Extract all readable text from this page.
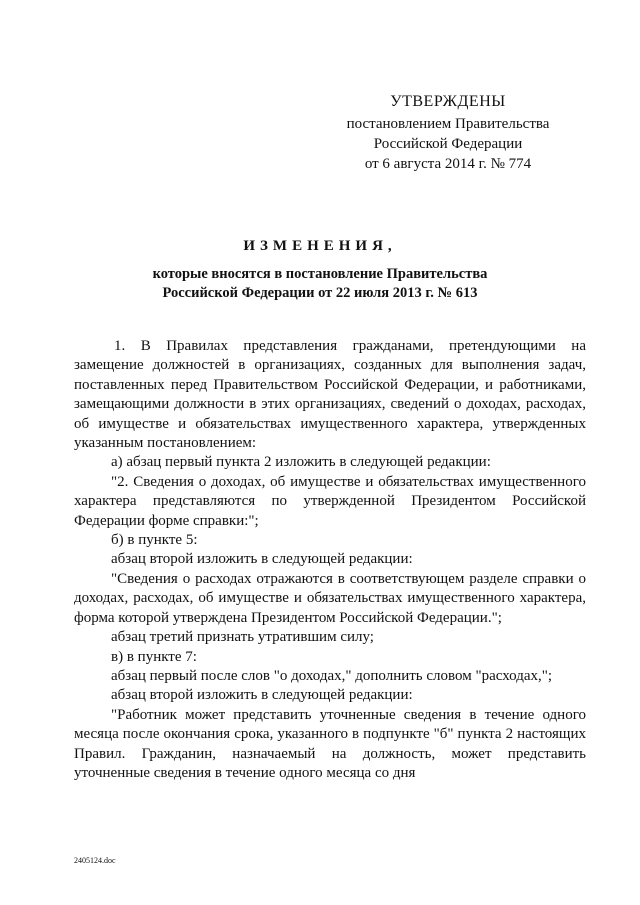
УТВЕРЖДЕНЫ
постановлением Правительства
Российской Федерации
от 6 августа 2014 г. № 774
ИЗМЕНЕНИЯ,
которые вносятся в постановление Правительства
Российской Федерации от 22 июля 2013 г. № 613

1. В Правилах представления гражданами, претендующими на замещение должностей в организациях, созданных для выполнения задач, поставленных перед Правительством Российской Федерации, и работниками, замещающими должности в этих организациях, сведений о доходах, расходах, об имуществе и обязательствах имущественного характера, утвержденных указанным постановлением:

а) абзац первый пункта 2 изложить в следующей редакции:

"2. Сведения о доходах, об имуществе и обязательствах имущественного характера представляются по утвержденной Президентом Российской Федерации форме справки:";

б) в пункте 5:

абзац второй изложить в следующей редакции:

"Сведения о расходах отражаются в соответствующем разделе справки о доходах, расходах, об имуществе и обязательствах имущественного характера, форма которой утверждена Президентом Российской Федерации.";

абзац третий признать утратившим силу;

в) в пункте 7:

абзац первый после слов "о доходах," дополнить словом "расходах,";

абзац второй изложить в следующей редакции:

"Работник может представить уточненные сведения в течение одного месяца после окончания срока, указанного в подпункте "б" пункта 2 настоящих Правил. Гражданин, назначаемый на должность, может представить уточненные сведения в течение одного месяца со дня

2405124.doc
